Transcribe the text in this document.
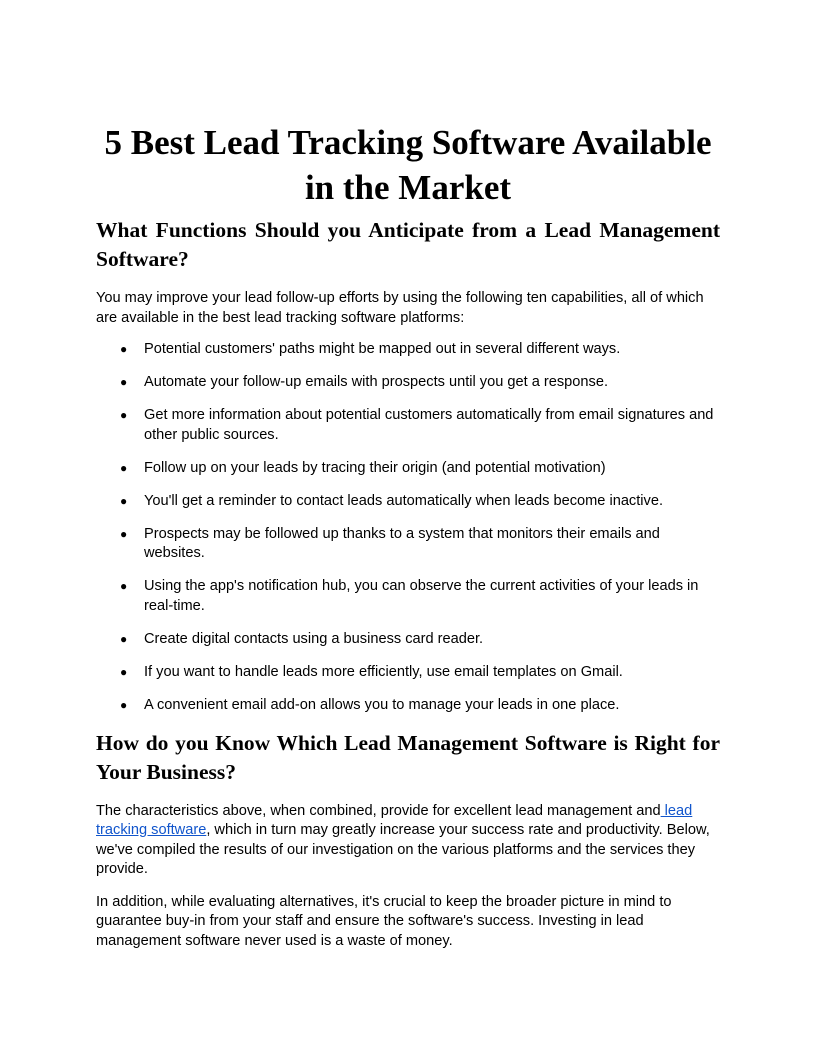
5 Best Lead Tracking Software Available in the Market
What Functions Should you Anticipate from a Lead Management Software?

You may improve your lead follow-up efforts by using the following ten capabilities, all of which are available in the best lead tracking software platforms:

● Potential customers' paths might be mapped out in several different ways.
● Automate your follow-up emails with prospects until you get a response.
● Get more information about potential customers automatically from email signatures and other public sources.
● Follow up on your leads by tracing their origin (and potential motivation)
● You'll get a reminder to contact leads automatically when leads become inactive.
● Prospects may be followed up thanks to a system that monitors their emails and websites.
● Using the app's notification hub, you can observe the current activities of your leads in real-time.
● Create digital contacts using a business card reader.
● If you want to handle leads more efficiently, use email templates on Gmail.
● A convenient email add-on allows you to manage your leads in one place.
How do you Know Which Lead Management Software is Right for Your Business?

The characteristics above, when combined, provide for excellent lead management and lead tracking software, which in turn may greatly increase your success rate and productivity. Below, we've compiled the results of our investigation on the various platforms and the services they provide.

In addition, while evaluating alternatives, it's crucial to keep the broader picture in mind to guarantee buy-in from your staff and ensure the software's success. Investing in lead management software never used is a waste of money.
